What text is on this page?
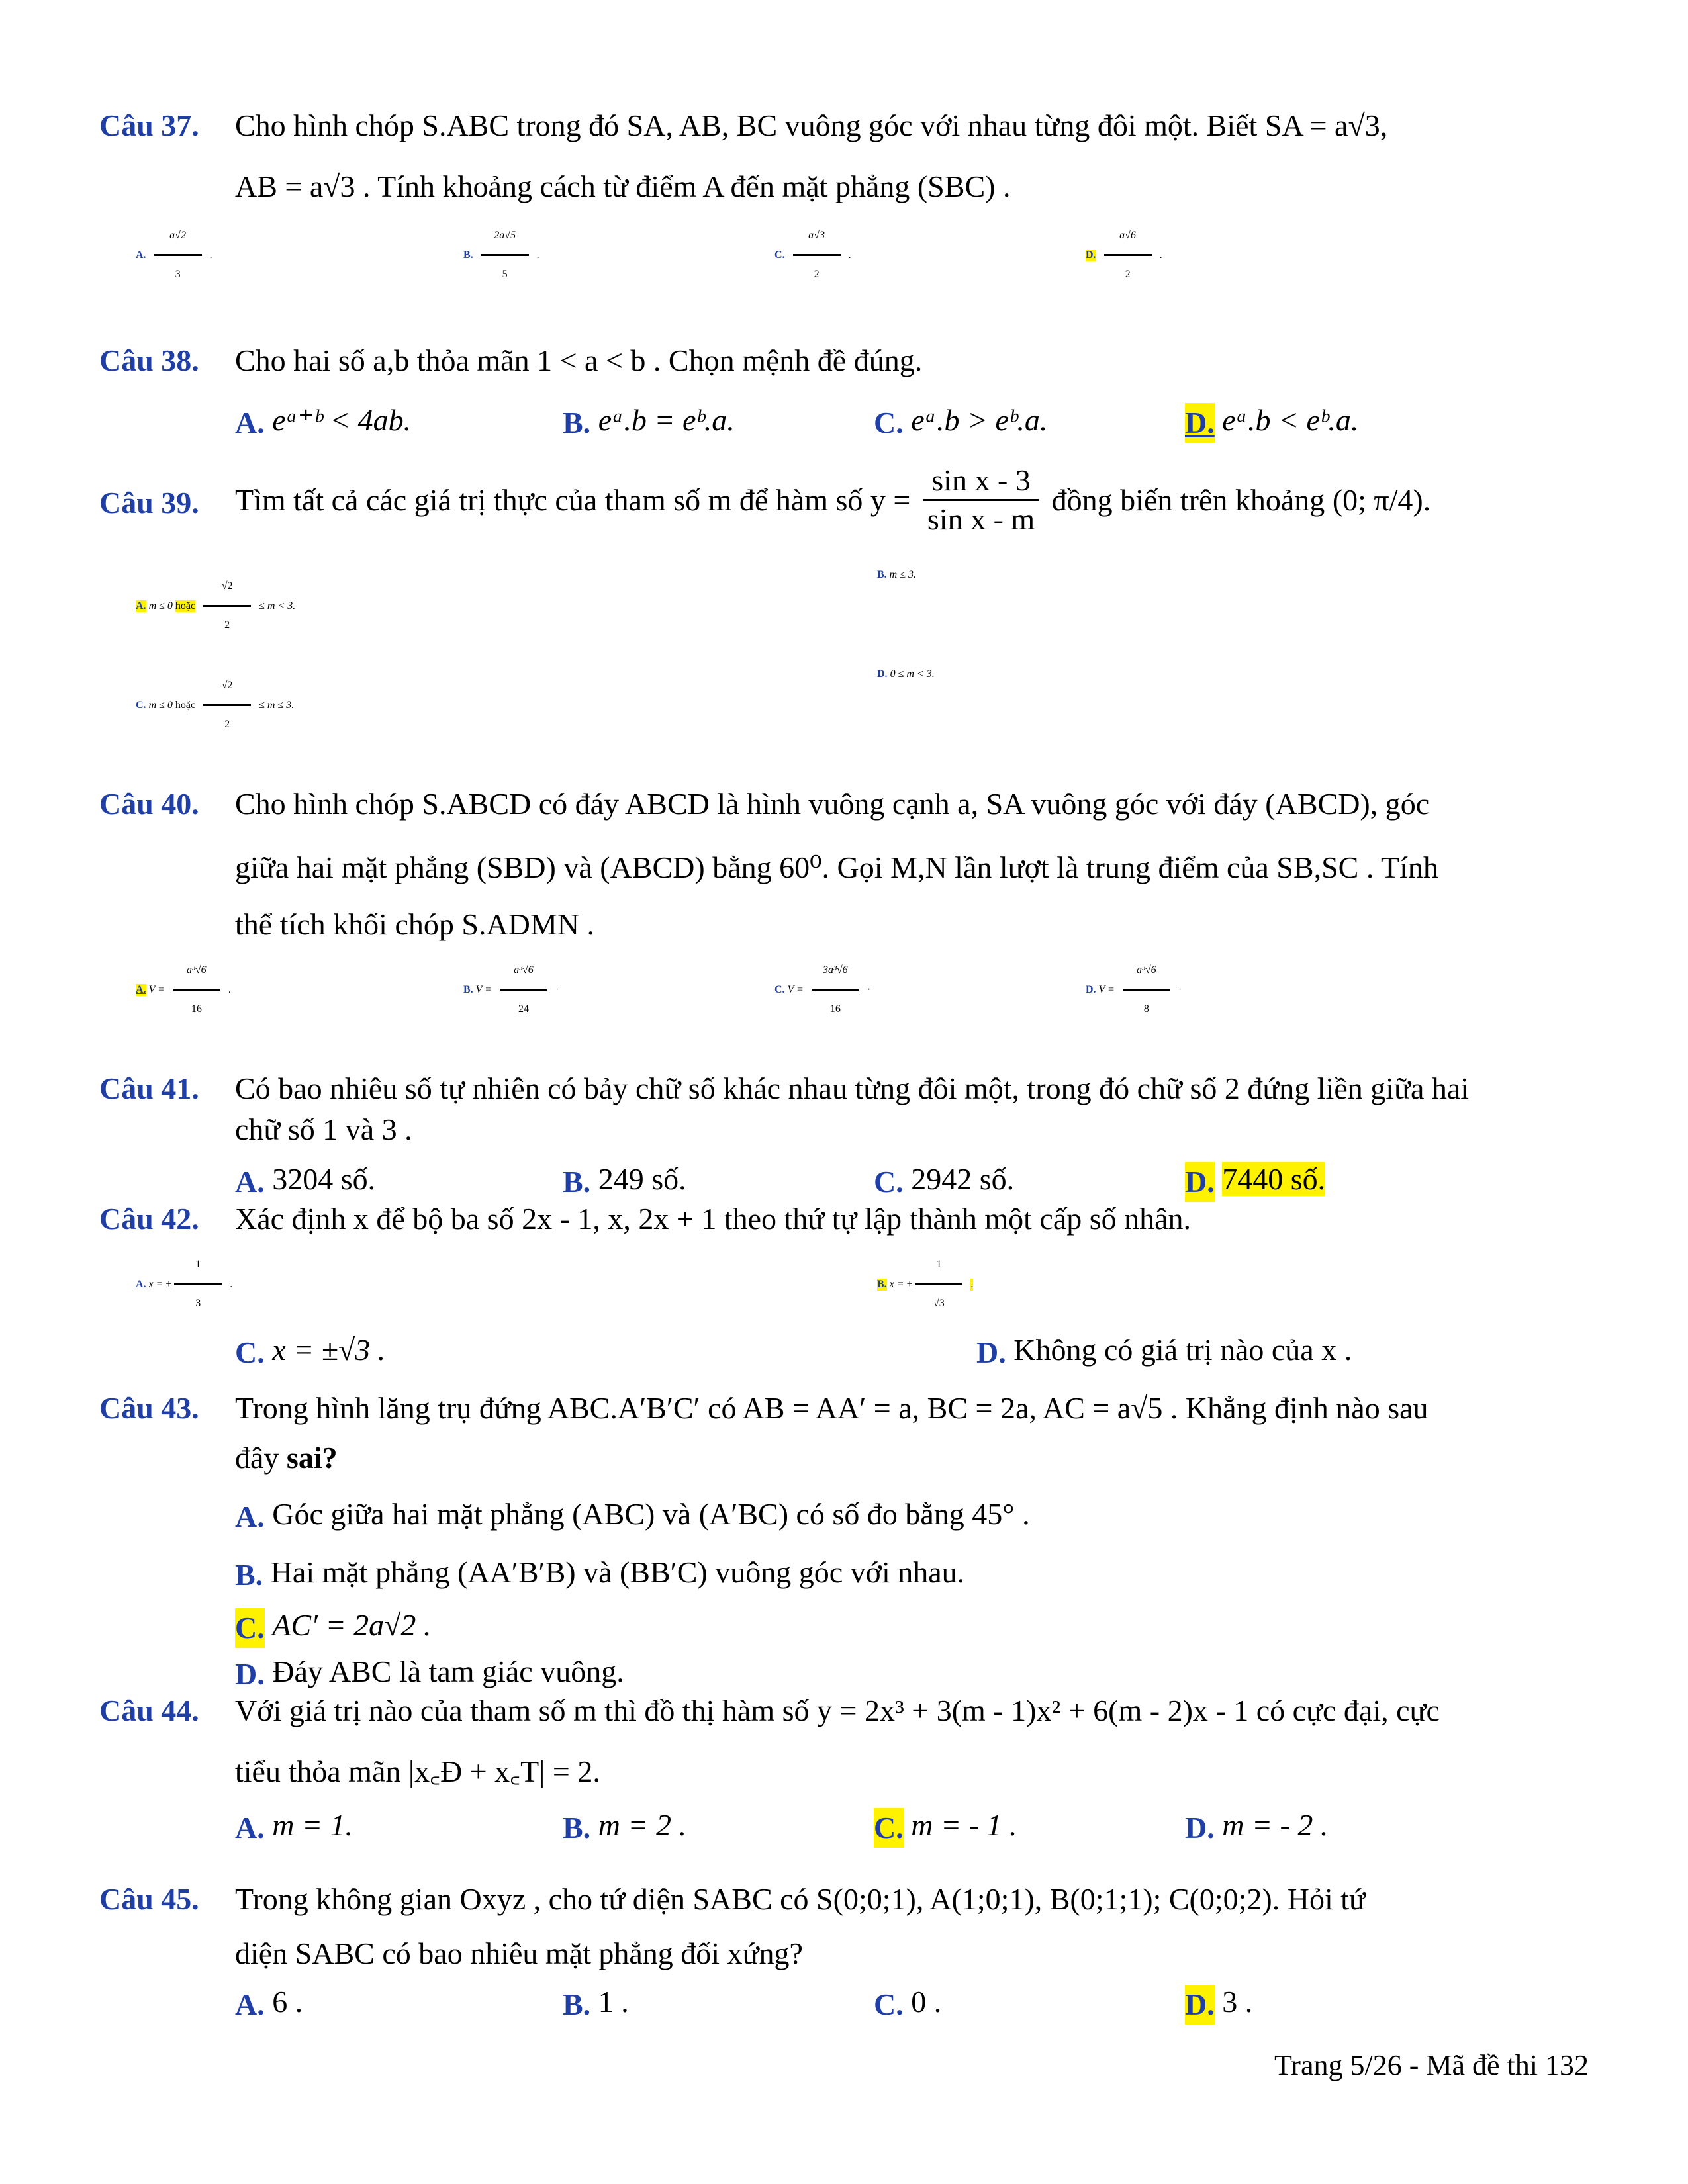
Câu 37. Cho hình chóp S.ABC trong đó SA, AB, BC vuông góc với nhau từng đôi một. Biết SA = a√3,
AB = a√3 . Tính khoảng cách từ điểm A đến mặt phẳng (SBC) .
A. $\frac{a√2}{3}$ .	B. $\frac{2a√5}{5}$ .	C. $\frac{a√3}{2}$ .	D. $\frac{a√6}{2}$ .
Câu 38. Cho hai số a,b thỏa mãn 1 < a < b . Chọn mệnh đề đúng.
A. eᵃ⁺ᵇ < 4ab.	B. eᵃ.b = eᵇ.a.	C. eᵃ.b > eᵇ.a.	D. eᵃ.b < eᵇ.a.
Câu 39. Tìm tất cả các giá trị thực của tham số m để hàm số $y = \frac{\text{sin x - 3}}{\text{sin x - m}}$ đồng biến trên khoảng (0; π/4).
A. m ≤ 0 hoặc $\frac{√2}{2} \le m < 3$.
B. m ≤ 3.
C. m ≤ 0 hoặc $\frac{√2}{2} \le m \le 3$.
D. 0 ≤ m < 3.
Câu 40. Cho hình chóp S.ABCD có đáy ABCD là hình vuông cạnh a, SA vuông góc với đáy (ABCD), góc
giữa hai mặt phẳng (SBD) và (ABCD) bằng 60⁰. Gọi M,N lần lượt là trung điểm của SB,SC . Tính
thể tích khối chóp S.ADMN .
A. $V = \frac{\text{a³√6}}{16}$ .	B. $V = \frac{\text{a³√6}}{24}$ ·	C. $V = \frac{\text{3a³√6}}{16}$ ·	D. $V = \frac{\text{a³√6}}{8}$ ·
Câu 41. Có bao nhiêu số tự nhiên có bảy chữ số khác nhau từng đôi một, trong đó chữ số 2 đứng liền giữa hai
chữ số 1 và 3 .
A. 3204 số.	B. 249 số.	C. 2942 số.	D. 7440 số.
Câu 42. Xác định x để bộ ba số 2x - 1, x, 2x + 1 theo thứ tự lập thành một cấp số nhân.
A. x = ± $\frac{1}{3}$ .	B. x = ± $\frac{1}{√3}$ .
C. x = ±√3 .	D. Không có giá trị nào của x .
Câu 43. Trong hình lăng trụ đứng ABC.A′B′C′ có AB = AA′ = a, BC = 2a, AC = a√5 . Khẳng định nào sau
đây sai?
A. Góc giữa hai mặt phẳng (ABC) và (A′BC) có số đo bằng 45° .
B. Hai mặt phẳng (AA′B′B) và (BB′C) vuông góc với nhau.
C. AC′ = 2a√2 .
D. Đáy ABC là tam giác vuông.
Câu 44. Với giá trị nào của tham số m thì đồ thị hàm số y = 2x³ + 3(m - 1)x² + 6(m - 2)x - 1 có cực đại, cực
tiểu thỏa mãn |x꜀Đ + x꜀T| = 2.
A. m = 1.	B. m = 2 .	C. m = - 1 .	D. m = - 2 .
Câu 45. Trong không gian Oxyz , cho tứ diện SABC có S(0;0;1), A(1;0;1), B(0;1;1); C(0;0;2). Hỏi tứ
diện SABC có bao nhiêu mặt phẳng đối xứng?
A. 6 .	B. 1 .	C. 0 .	D. 3 .
Trang 5/26 - Mã đề thi 132
